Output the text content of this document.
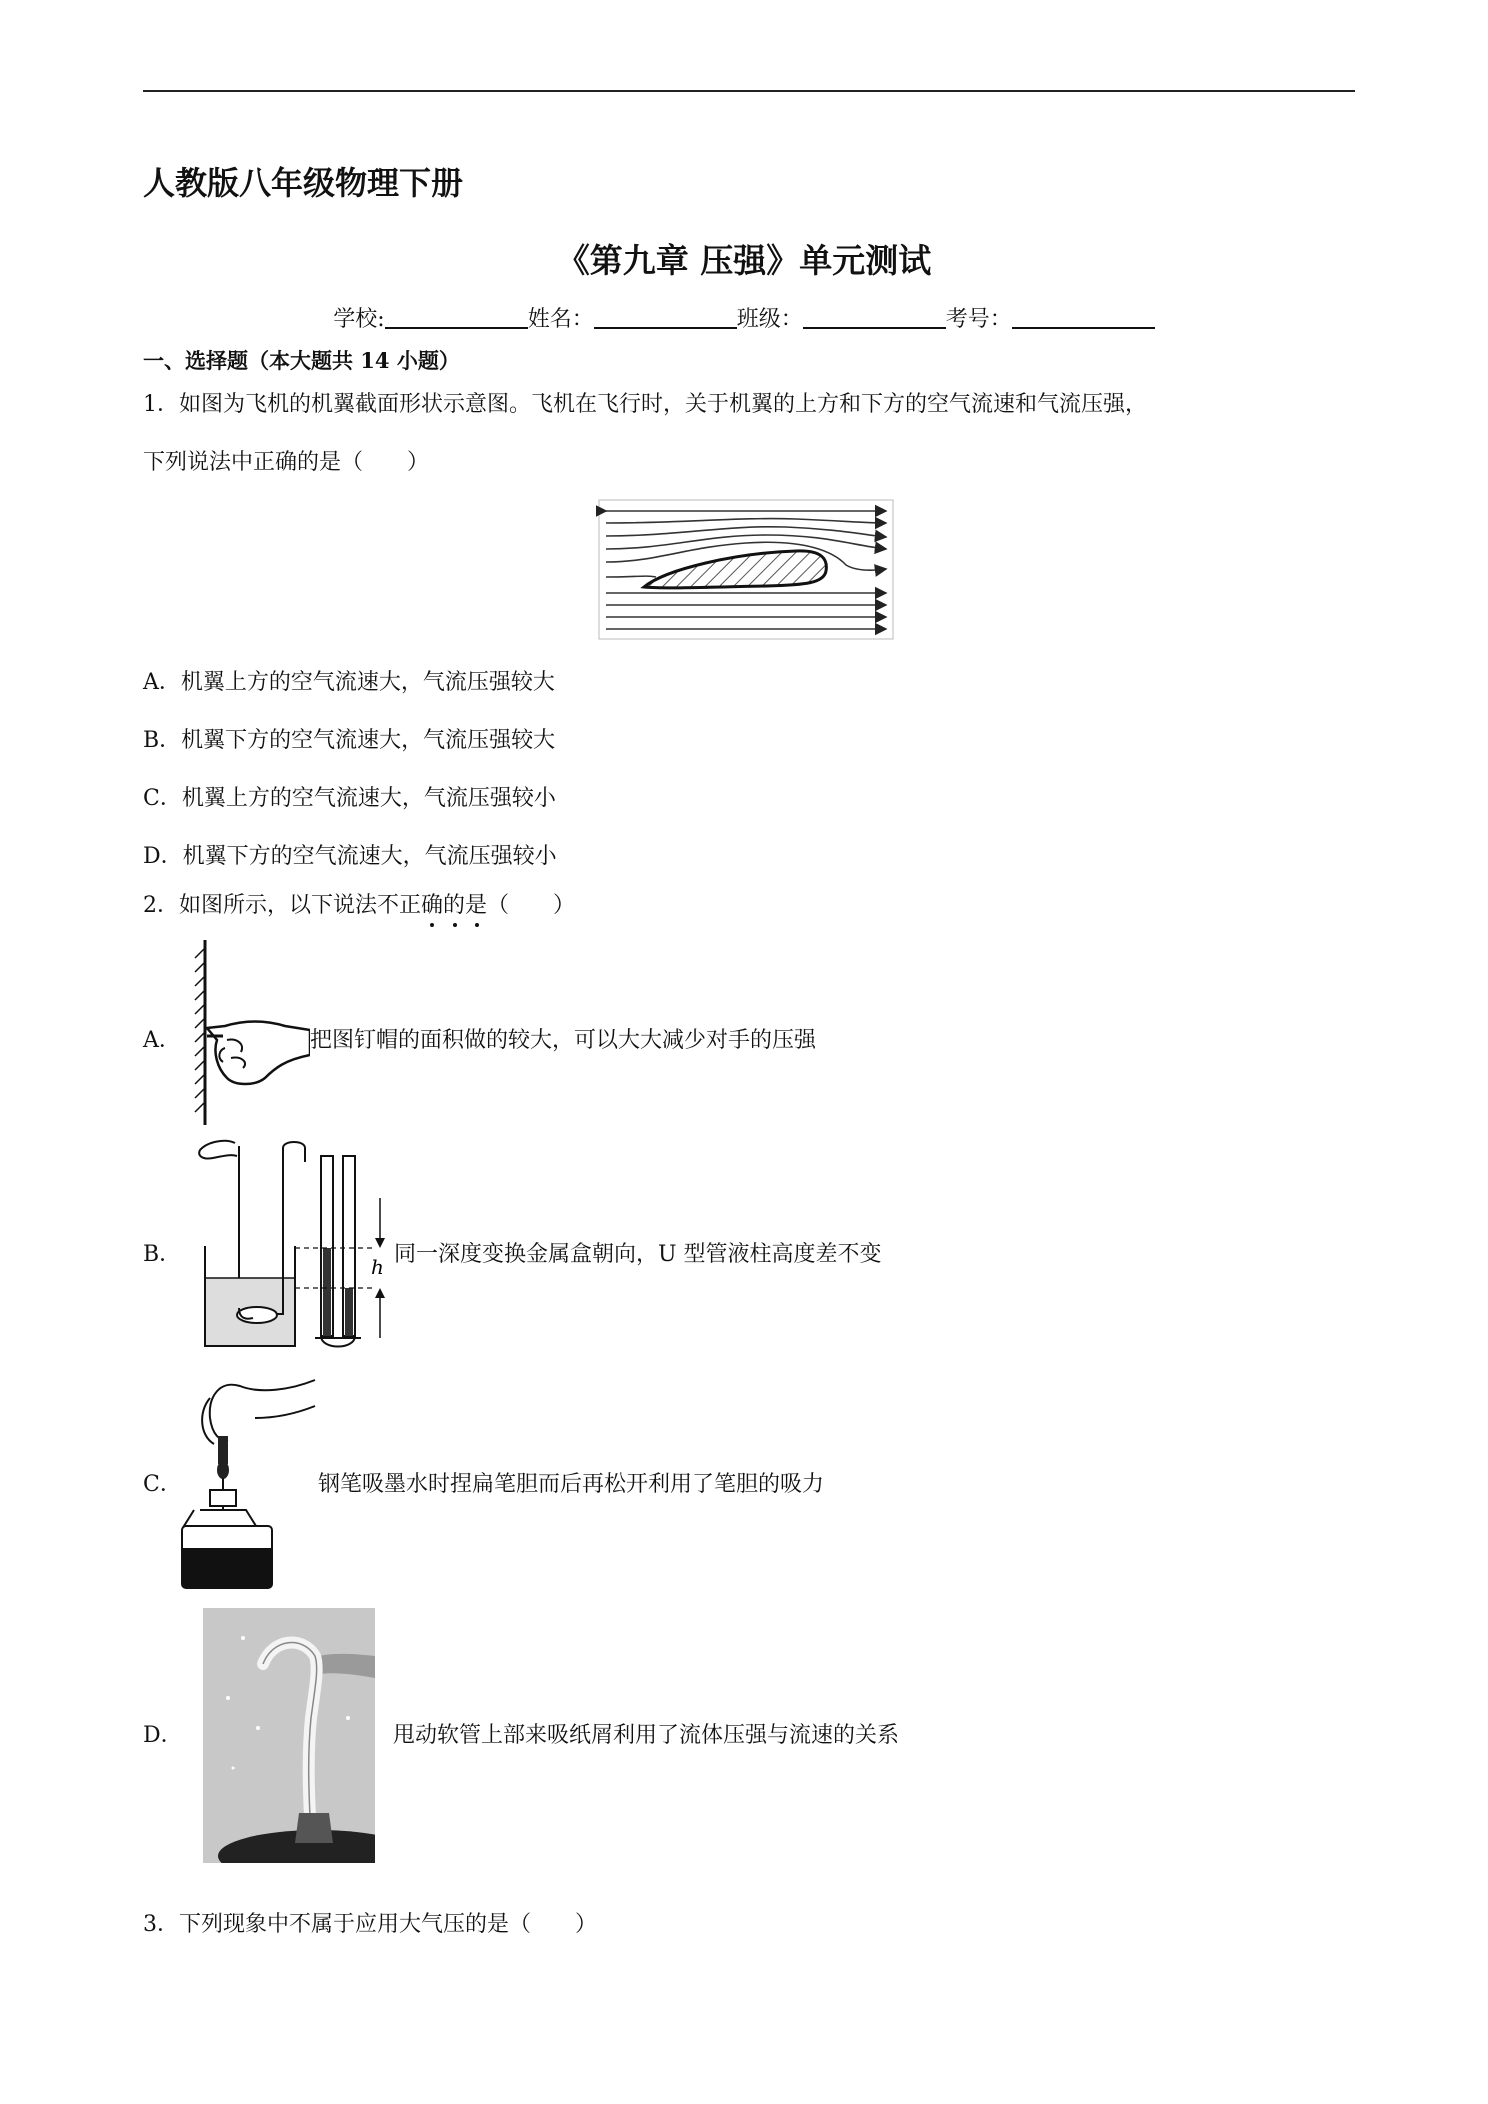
人教版八年级物理下册
《第九章 压强》单元测试
学校:	姓名：	班级：	考号：
一、选择题（本大题共 14 小题）
1．如图为飞机的机翼截面形状示意图。飞机在飞行时，关于机翼的上方和下方的空气流速和气流压强，
下列说法中正确的是（　　）
A．机翼上方的空气流速大，气流压强较大
B．机翼下方的空气流速大，气流压强较大
C．机翼上方的空气流速大，气流压强较小
D．机翼下方的空气流速大，气流压强较小
2．如图所示，以下说法不正确的是（　　）
A．	把图钉帽的面积做的较大，可以大大减少对手的压强
B．	h 同一深度变换金属盒朝向，U 型管液柱高度差不变
C．	钢笔吸墨水时捏扁笔胆而后再松开利用了笔胆的吸力
D．	甩动软管上部来吸纸屑利用了流体压强与流速的关系
3．下列现象中不属于应用大气压的是（　　）
